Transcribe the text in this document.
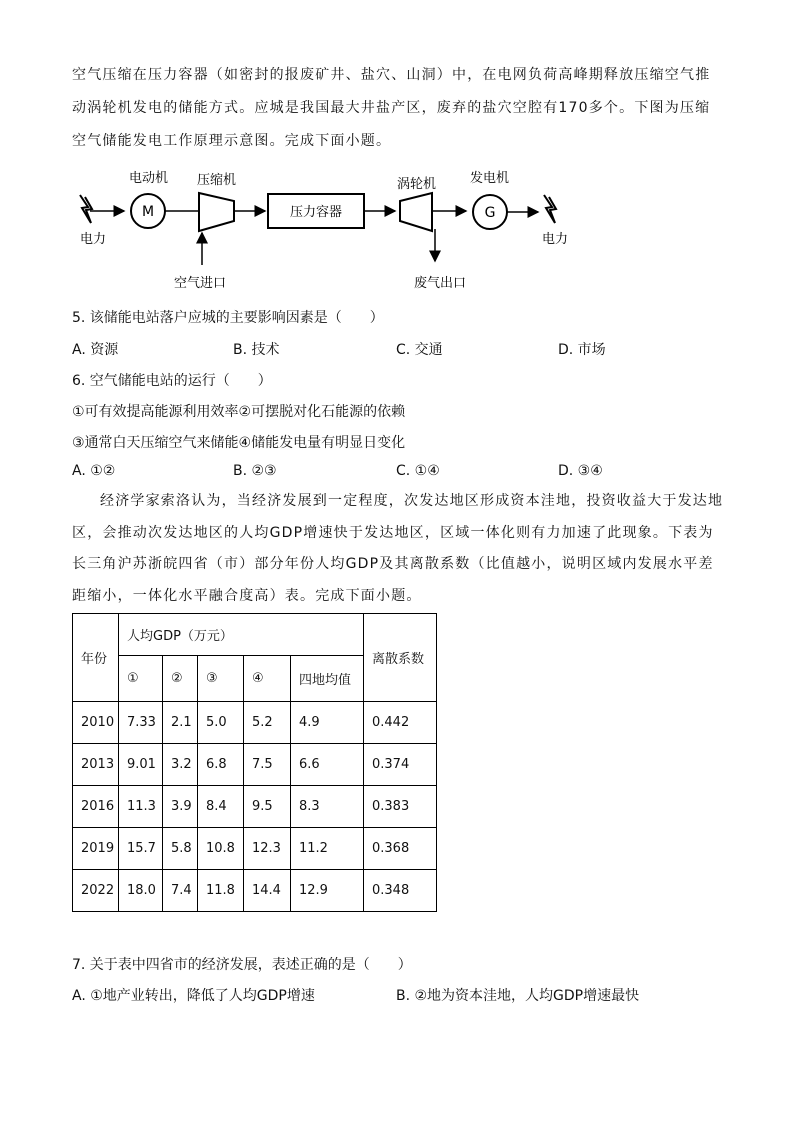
空气压缩在压力容器（如密封的报废矿井、盐穴、山洞）中，在电网负荷高峰期释放压缩空气推动涡轮机发电的储能方式。应城是我国最大井盐产区，废弃的盐穴空腔有170多个。下图为压缩空气储能发电工作原理示意图。完成下面小题。
电力
电动机
M
压缩机
空气进口
压力容器
涡轮机
废气出口
发电机
G
电力
5. 该储能电站落户应城的主要影响因素是（　　）
A. 资源	B. 技术	C. 交通	D. 市场
6. 空气储能电站的运行（　　）
①可有效提高能源利用效率②可摆脱对化石能源的依赖
③通常白天压缩空气来储能④储能发电量有明显日变化
A. ①②	B. ②③	C. ①④	D. ③④
经济学家索洛认为，当经济发展到一定程度，次发达地区形成资本洼地，投资收益大于发达地区，会推动次发达地区的人均GDP增速快于发达地区，区域一体化则有力加速了此现象。下表为长三角沪苏浙皖四省（市）部分年份人均GDP及其离散系数（比值越小，说明区域内发展水平差距缩小，一体化水平融合度高）表。完成下面小题。
年份	人均GDP（万元）					离散系数
	①	②	③	④	四地均值	
2010	7.33	2.1	5.0	5.2	4.9	0.442
2013	9.01	3.2	6.8	7.5	6.6	0.374
2016	11.3	3.9	8.4	9.5	8.3	0.383
2019	15.7	5.8	10.8	12.3	11.2	0.368
2022	18.0	7.4	11.8	14.4	12.9	0.348
7. 关于表中四省市的经济发展，表述正确的是（　　）
A. ①地产业转出，降低了人均GDP增速	B. ②地为资本洼地，人均GDP增速最快
